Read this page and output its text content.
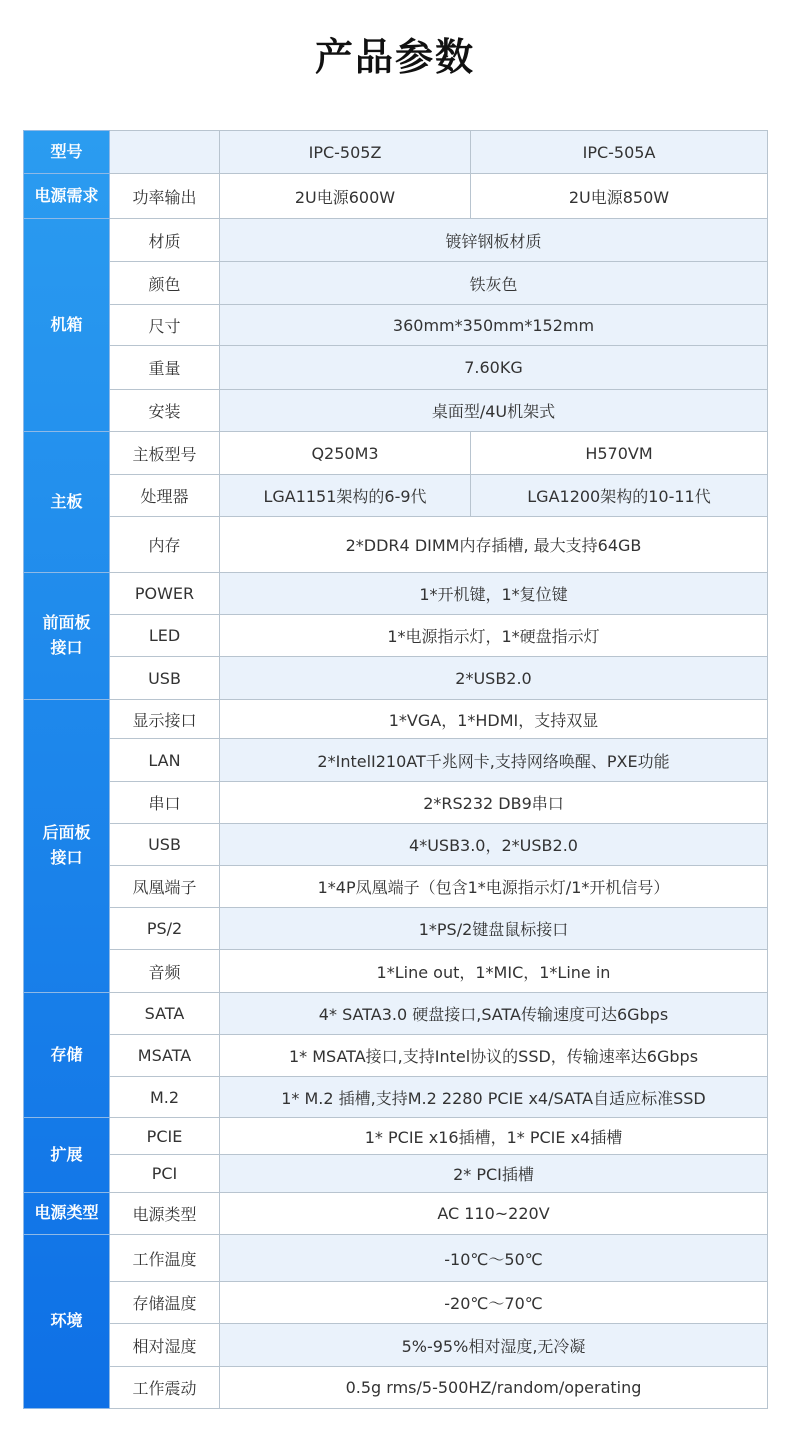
产品参数
型号		IPC-505Z	IPC-505A
电源需求	功率输出	2U电源600W	2U电源850W
机箱	材质	镀锌钢板材质	
	颜色	铁灰色	
	尺寸	360mm*350mm*152mm	
	重量	7.60KG	
	安装	桌面型/4U机架式	
主板	主板型号	Q250M3	H570VM
	处理器	LGA1151架构的6-9代	LGA1200架构的10-11代
	内存	2*DDR4 DIMM内存插槽, 最大支持64GB	
前面板
接口	POWER	1*开机键，1*复位键	
	LED	1*电源指示灯，1*硬盘指示灯	
	USB	2*USB2.0	
后面板
接口	显示接口	1*VGA，1*HDMI，支持双显	
	LAN	2*IntelI210AT千兆网卡,支持网络唤醒、PXE功能	
	串口	2*RS232 DB9串口	
	USB	4*USB3.0，2*USB2.0	
	凤凰端子	1*4P凤凰端子（包含1*电源指示灯/1*开机信号）	
	PS/2	1*PS/2键盘鼠标接口	
	音频	1*Line out，1*MIC，1*Line in	
存储	SATA	4* SATA3.0 硬盘接口,SATA传输速度可达6Gbps	
	MSATA	1* MSATA接口,支持Intel协议的SSD，传输速率达6Gbps	
	M.2	1* M.2 插槽,支持M.2 2280 PCIE x4/SATA自适应标准SSD	
扩展	PCIE	1* PCIE x16插槽，1* PCIE x4插槽	
	PCI	2* PCI插槽	
电源类型	电源类型	AC 110~220V	
环境	工作温度	-10℃～50℃	
	存储温度	-20℃～70℃	
	相对湿度	5%-95%相对湿度,无冷凝	
	工作震动	0.5g rms/5-500HZ/random/operating	
